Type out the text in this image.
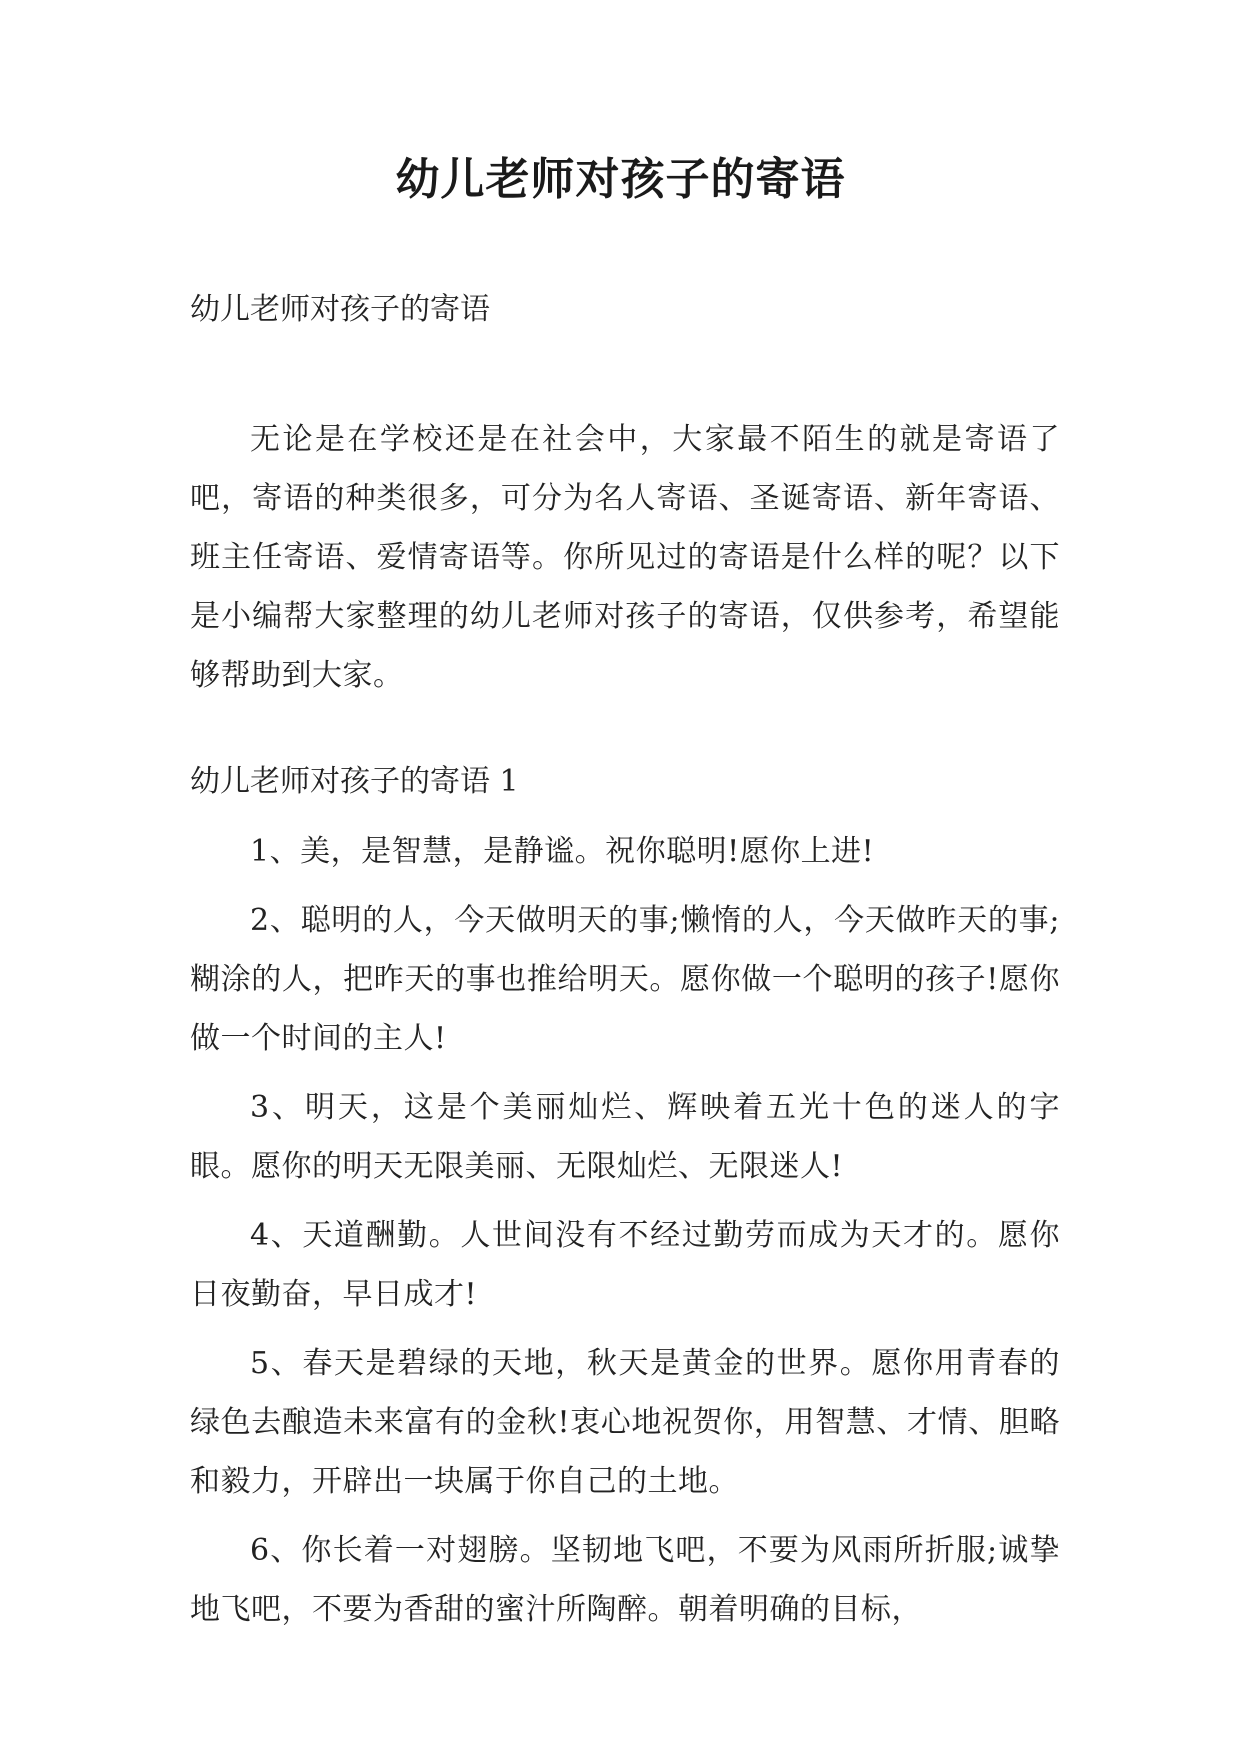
幼儿老师对孩子的寄语
幼儿老师对孩子的寄语

无论是在学校还是在社会中，大家最不陌生的就是寄语了吧，寄语的种类很多，可分为名人寄语、圣诞寄语、新年寄语、班主任寄语、爱情寄语等。你所见过的寄语是什么样的呢？以下是小编帮大家整理的幼儿老师对孩子的寄语，仅供参考，希望能够帮助到大家。

幼儿老师对孩子的寄语 1
1、美，是智慧，是静谧。祝你聪明!愿你上进!
2、聪明的人，今天做明天的事;懒惰的人，今天做昨天的事;糊涂的人，把昨天的事也推给明天。愿你做一个聪明的孩子!愿你做一个时间的主人!
3、明天，这是个美丽灿烂、辉映着五光十色的迷人的字眼。愿你的明天无限美丽、无限灿烂、无限迷人!
4、天道酬勤。人世间没有不经过勤劳而成为天才的。愿你日夜勤奋，早日成才!
5、春天是碧绿的天地，秋天是黄金的世界。愿你用青春的绿色去酿造未来富有的金秋!衷心地祝贺你，用智慧、才情、胆略和毅力，开辟出一块属于你自己的土地。
6、你长着一对翅膀。坚韧地飞吧，不要为风雨所折服;诚挚地飞吧，不要为香甜的蜜汁所陶醉。朝着明确的目标，
